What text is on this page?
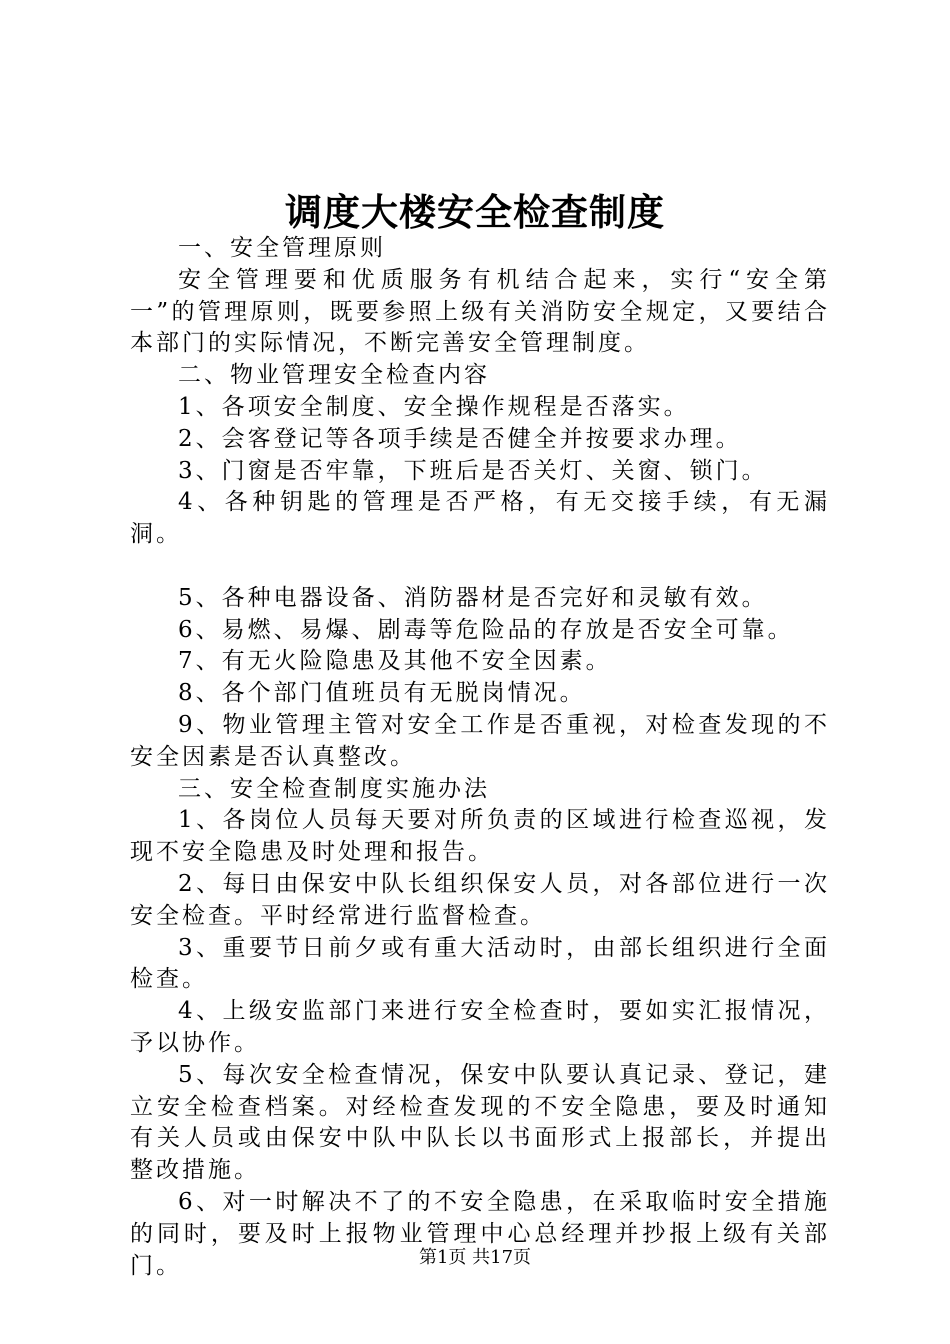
调度大楼安全检查制度

一、安全管理原则

安全管理要和优质服务有机结合起来，实行“安全第一”的管理原则，既要参照上级有关消防安全规定，又要结合本部门的实际情况，不断完善安全管理制度。

二、物业管理安全检查内容

1、各项安全制度、安全操作规程是否落实。

2、会客登记等各项手续是否健全并按要求办理。

3、门窗是否牢靠，下班后是否关灯、关窗、锁门。

4、各种钥匙的管理是否严格，有无交接手续，有无漏洞。

5、各种电器设备、消防器材是否完好和灵敏有效。

6、易燃、易爆、剧毒等危险品的存放是否安全可靠。

7、有无火险隐患及其他不安全因素。

8、各个部门值班员有无脱岗情况。

9、物业管理主管对安全工作是否重视，对检查发现的不安全因素是否认真整改。

三、安全检查制度实施办法

1、各岗位人员每天要对所负责的区域进行检查巡视，发现不安全隐患及时处理和报告。

2、每日由保安中队长组织保安人员，对各部位进行一次安全检查。平时经常进行监督检查。

3、重要节日前夕或有重大活动时，由部长组织进行全面检查。

4、上级安监部门来进行安全检查时，要如实汇报情况，予以协作。

5、每次安全检查情况，保安中队要认真记录、登记，建立安全检查档案。对经检查发现的不安全隐患，要及时通知有关人员或由保安中队中队长以书面形式上报部长，并提出整改措施。

6、对一时解决不了的不安全隐患，在采取临时安全措施的同时，要及时上报物业管理中心总经理并抄报上级有关部门。	第1页 共17页
